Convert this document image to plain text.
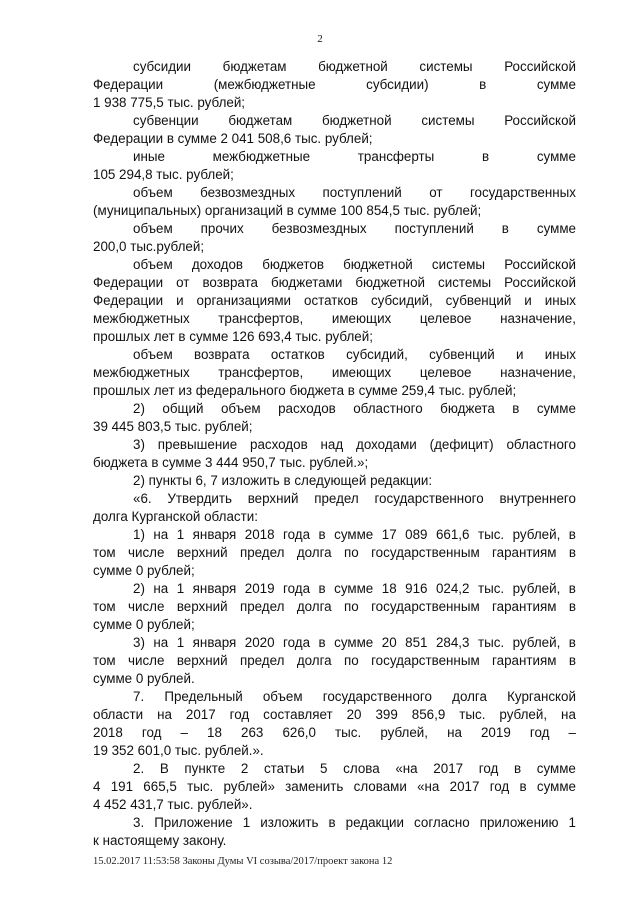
2
субсидии бюджетам бюджетной системы Российской
Федерации	(межбюджетные	субсидии)	в	сумме
1 938 775,5 тыс. рублей;
субвенции бюджетам бюджетной системы Российской
Федерации в сумме 2 041 508,6 тыс. рублей;
иные	межбюджетные	трансферты	в	сумме
105 294,8 тыс. рублей;
объем безвозмездных поступлений от государственных
(муниципальных) организаций в сумме 100 854,5 тыс. рублей;
объем прочих безвозмездных поступлений в сумме
200,0 тыс.рублей;
объем доходов бюджетов бюджетной системы Российской
Федерации от возврата бюджетами бюджетной системы Российской
Федерации и организациями остатков субсидий, субвенций и иных
межбюджетных трансфертов, имеющих целевое назначение,
прошлых лет в сумме 126 693,4 тыс. рублей;
объем возврата остатков субсидий, субвенций и иных
межбюджетных трансфертов, имеющих целевое назначение,
прошлых лет из федерального бюджета в сумме 259,4 тыс. рублей;
2) общий объем расходов областного бюджета в сумме
39 445 803,5 тыс. рублей;
3) превышение расходов над доходами (дефицит) областного
бюджета в сумме 3 444 950,7 тыс. рублей.»;
2) пункты 6, 7 изложить в следующей редакции:
«6. Утвердить верхний предел государственного внутреннего
долга Курганской области:
1) на 1 января 2018 года в сумме 17 089 661,6 тыс. рублей, в
том числе верхний предел долга по государственным гарантиям в
сумме 0 рублей;
2) на 1 января 2019 года в сумме 18 916 024,2 тыс. рублей, в
том числе верхний предел долга по государственным гарантиям в
сумме 0 рублей;
3) на 1 января 2020 года в сумме 20 851 284,3 тыс. рублей, в
том числе верхний предел долга по государственным гарантиям в
сумме 0 рублей.
7. Предельный объем государственного долга Курганской
области на 2017 год составляет 20 399 856,9 тыс. рублей, на
2018 год – 18 263 626,0 тыс. рублей, на 2019 год –
19 352 601,0 тыс. рублей.».
2. В пункте 2 статьи 5 слова «на 2017 год в сумме
4 191 665,5 тыс. рублей» заменить словами «на 2017 год в сумме
4 452 431,7 тыс. рублей».
3. Приложение 1 изложить в редакции согласно приложению 1
к настоящему закону.
15.02.2017 11:53:58 Законы Думы VI созыва/2017/проект закона 12
